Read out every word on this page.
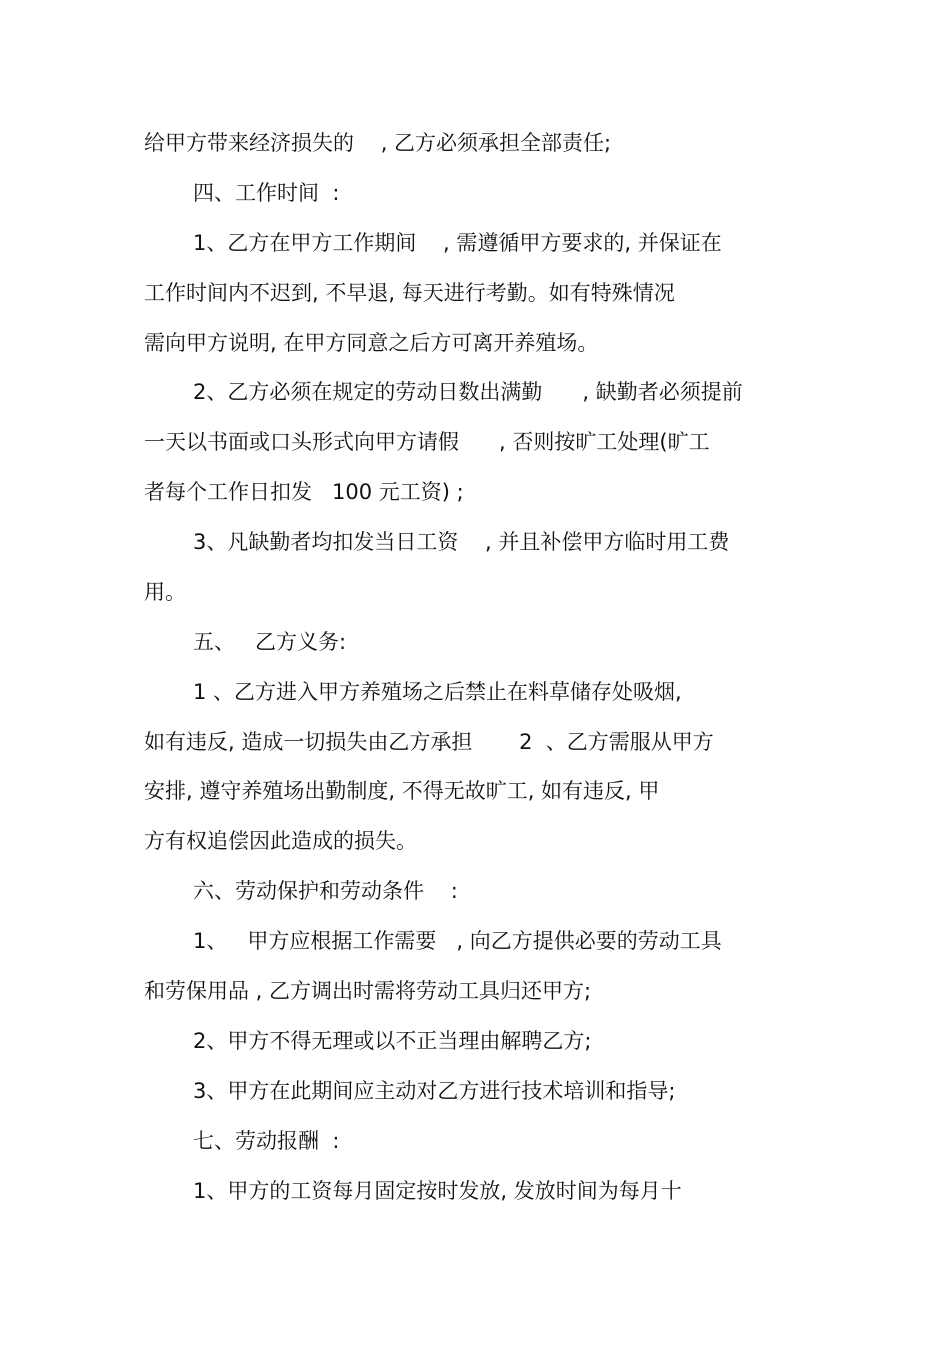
给甲方带来经济损失的    , 乙方必须承担全部责任;
四、工作时间  :
1、乙方在甲方工作期间    , 需遵循甲方要求的, 并保证在
工作时间内不迟到, 不早退, 每天进行考勤。如有特殊情况
需向甲方说明, 在甲方同意之后方可离开养殖场。
2、乙方必须在规定的劳动日数出满勤      , 缺勤者必须提前
一天以书面或口头形式向甲方请假      , 否则按旷工处理(旷工
者每个工作日扣发   100 元工资) ;
3、凡缺勤者均扣发当日工资    , 并且补偿甲方临时用工费
用。
五、   乙方义务:
1 、乙方进入甲方养殖场之后禁止在料草储存处吸烟,
如有违反, 造成一切损失由乙方承担       2  、乙方需服从甲方
安排, 遵守养殖场出勤制度, 不得无故旷工, 如有违反, 甲
方有权追偿因此造成的损失。
六、劳动保护和劳动条件    :
1、   甲方应根据工作需要   , 向乙方提供必要的劳动工具
和劳保用品 , 乙方调出时需将劳动工具归还甲方;
2、甲方不得无理或以不正当理由解聘乙方;
3、甲方在此期间应主动对乙方进行技术培训和指导;
七、劳动报酬  :
1、甲方的工资每月固定按时发放, 发放时间为每月十
